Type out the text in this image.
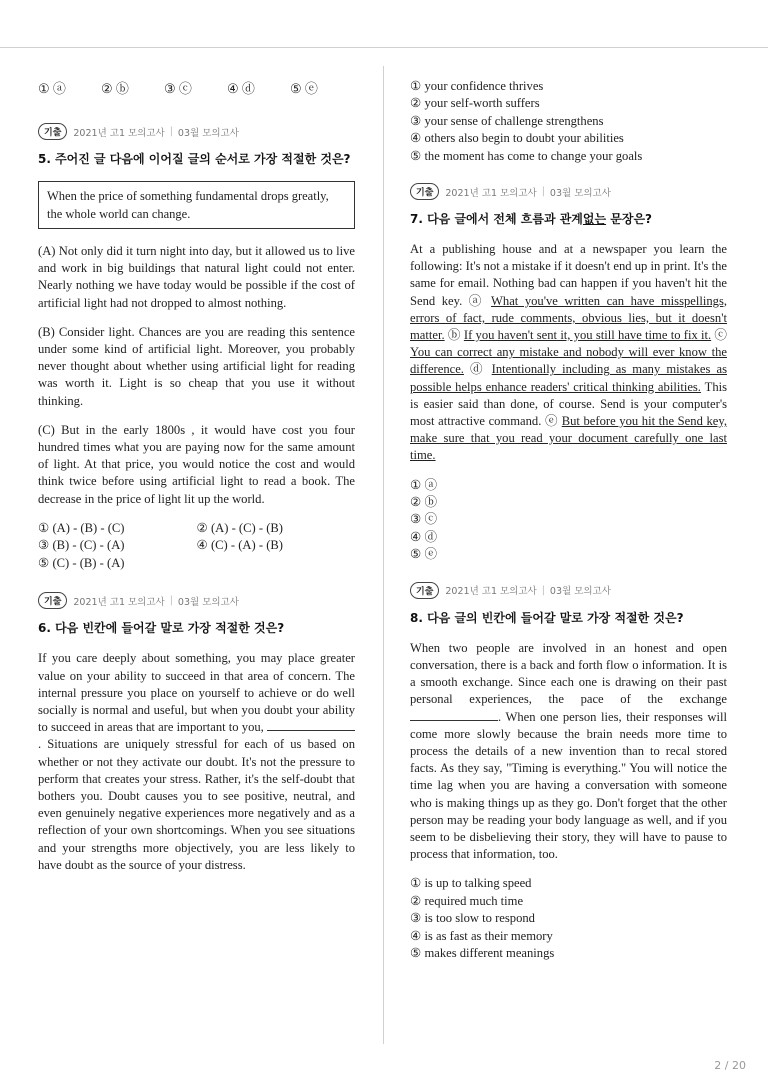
① ⓐ	② ⓑ	③ ⓒ	④ ⓓ	⑤ ⓔ
기출	2021년 고1 모의고사 | 03월 모의고사
5. 주어진 글 다음에 이어질 글의 순서로 가장 적절한 것은?
When the price of something fundamental drops greatly, the whole world can change.

(A) Not only did it turn night into day, but it allowed us to live and work in big buildings that natural light could not enter. Nearly nothing we have today would be possible if the cost of artificial light had not dropped to almost nothing.

(B) Consider light. Chances are you are reading this sentence under some kind of artificial light. Moreover, you probably never thought about whether using artificial light for reading was worth it. Light is so cheap that you use it without thinking.

(C) But in the early 1800s , it would have cost you four hundred times what you are paying now for the same amount of light. At that price, you would notice the cost and would think twice before using artificial light to read a book. The decrease in the price of light lit up the world.

① (A) - (B) - (C)	② (A) - (C) - (B)
③ (B) - (C) - (A)	④ (C) - (A) - (B)
⑤ (C) - (B) - (A)
기출	2021년 고1 모의고사 | 03월 모의고사
6. 다음 빈칸에 들어갈 말로 가장 적절한 것은?

If you care deeply about something, you may place greater value on your ability to succeed in that area of concern. The internal pressure you place on yourself to achieve or do well socially is normal and useful, but when you doubt your ability to succeed in areas that are important to you, . Situations are uniquely stressful for each of us based on whether or not they activate our doubt. It's not the pressure to perform that creates your stress. Rather, it's the self-doubt that bothers you. Doubt causes you to see positive, neutral, and even genuinely negative experiences more negatively and as a reflection of your own shortcomings. When you see situations and your strengths more objectively, you are less likely to have doubt as the source of your distress.

① your confidence thrives
② your self-worth suffers
③ your sense of challenge strengthens
④ others also begin to doubt your abilities
⑤ the moment has come to change your goals
기출	2021년 고1 모의고사 | 03월 모의고사
7. 다음 글에서 전체 흐름과 관계없는 문장은?

At a publishing house and at a newspaper you learn the following: It's not a mistake if it doesn't end up in print. It's the same for email. Nothing bad can happen if you haven't hit the Send key. ⓐ What you've written can have misspellings, errors of fact, rude comments, obvious lies, but it doesn't matter. ⓑ If you haven't sent it, you still have time to fix it. ⓒ You can correct any mistake and nobody will ever know the difference. ⓓ Intentionally including as many mistakes as possible helps enhance readers' critical thinking abilities. This is easier said than done, of course. Send is your computer's most attractive command. ⓔ But before you hit the Send key, make sure that you read your document carefully one last time.

① ⓐ
② ⓑ
③ ⓒ
④ ⓓ
⑤ ⓔ
기출	2021년 고1 모의고사 | 03월 모의고사
8. 다음 글의 빈칸에 들어갈 말로 가장 적절한 것은?

When two people are involved in an honest and open conversation, there is a back and forth flow o information. It is a smooth exchange. Since each one is drawing on their past personal experiences, the pace of the exchange . When one person lies, their responses will come more slowly because the brain needs more time to process the details of a new invention than to recal stored facts. As they say, "Timing is everything." You will notice the time lag when you are having a conversation with someone who is making things up as they go. Don't forget that the other person may be reading your body language as well, and if you seem to be disbelieving their story, they will have to pause to process that information, too.

① is up to talking speed
② required much time
③ is too slow to respond
④ is as fast as their memory
⑤ makes different meanings
2 / 20
